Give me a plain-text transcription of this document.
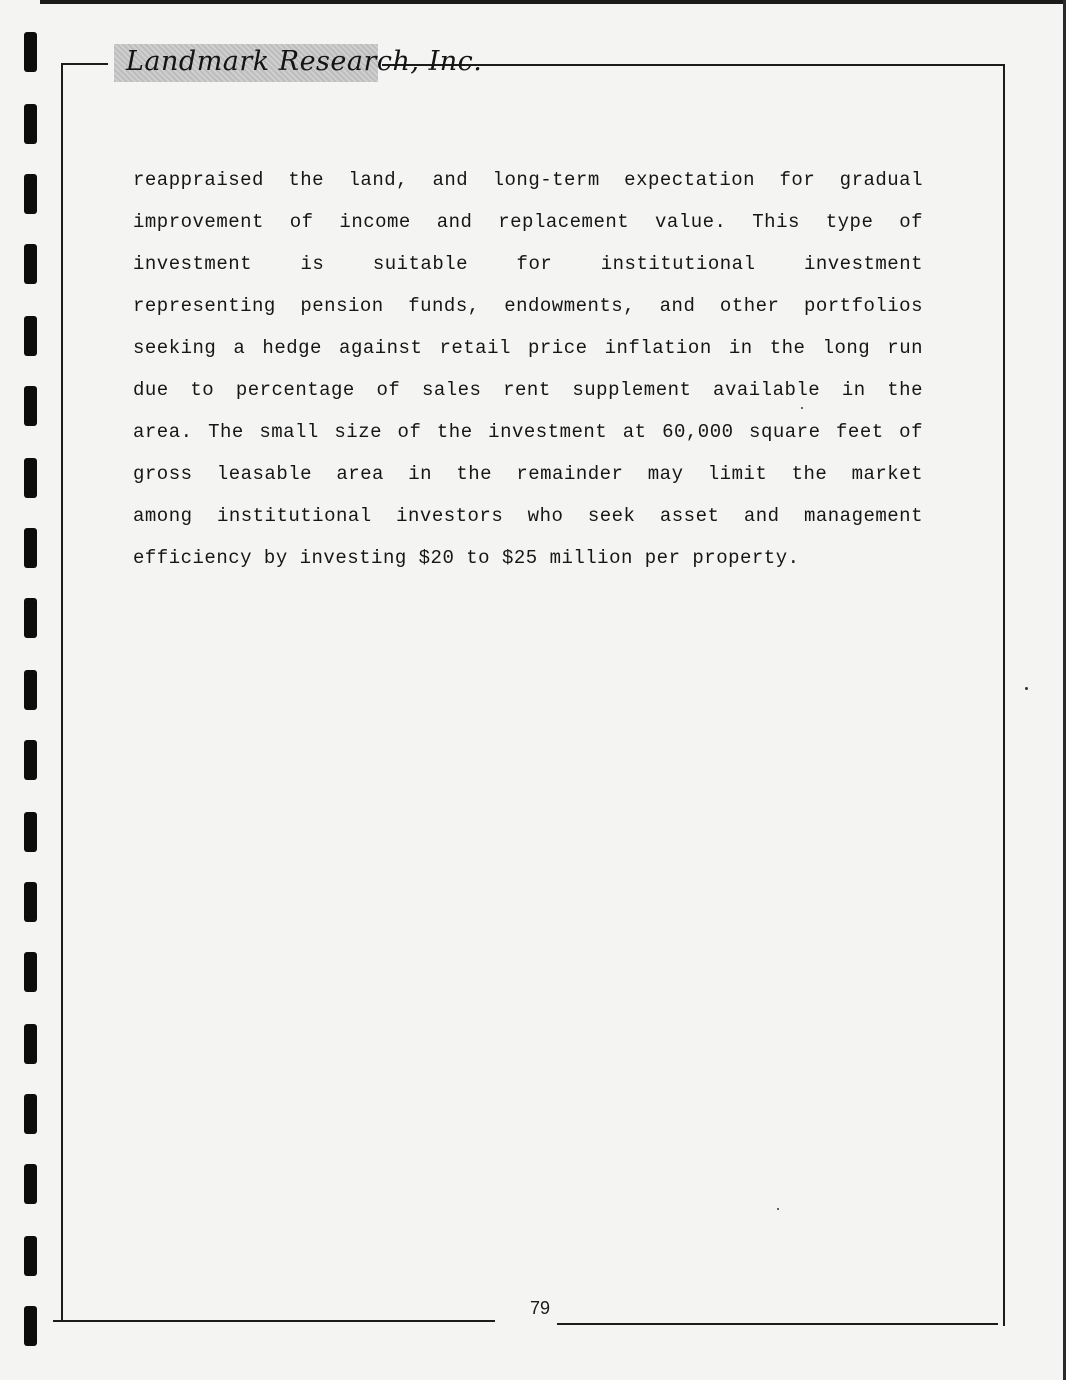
Landmark Research, Inc.
reappraised the land, and long-term expectation for gradual
improvement of income and replacement value. This type of
investment is suitable for institutional investment
representing pension funds, endowments, and other portfolios
seeking a hedge against retail price inflation in the long run
due to percentage of sales rent supplement available in the
area. The small size of the investment at 60,000 square feet of
gross leasable area in the remainder may limit the market
among institutional investors who seek asset and management
efficiency by investing $20 to $25 million per property.
79
